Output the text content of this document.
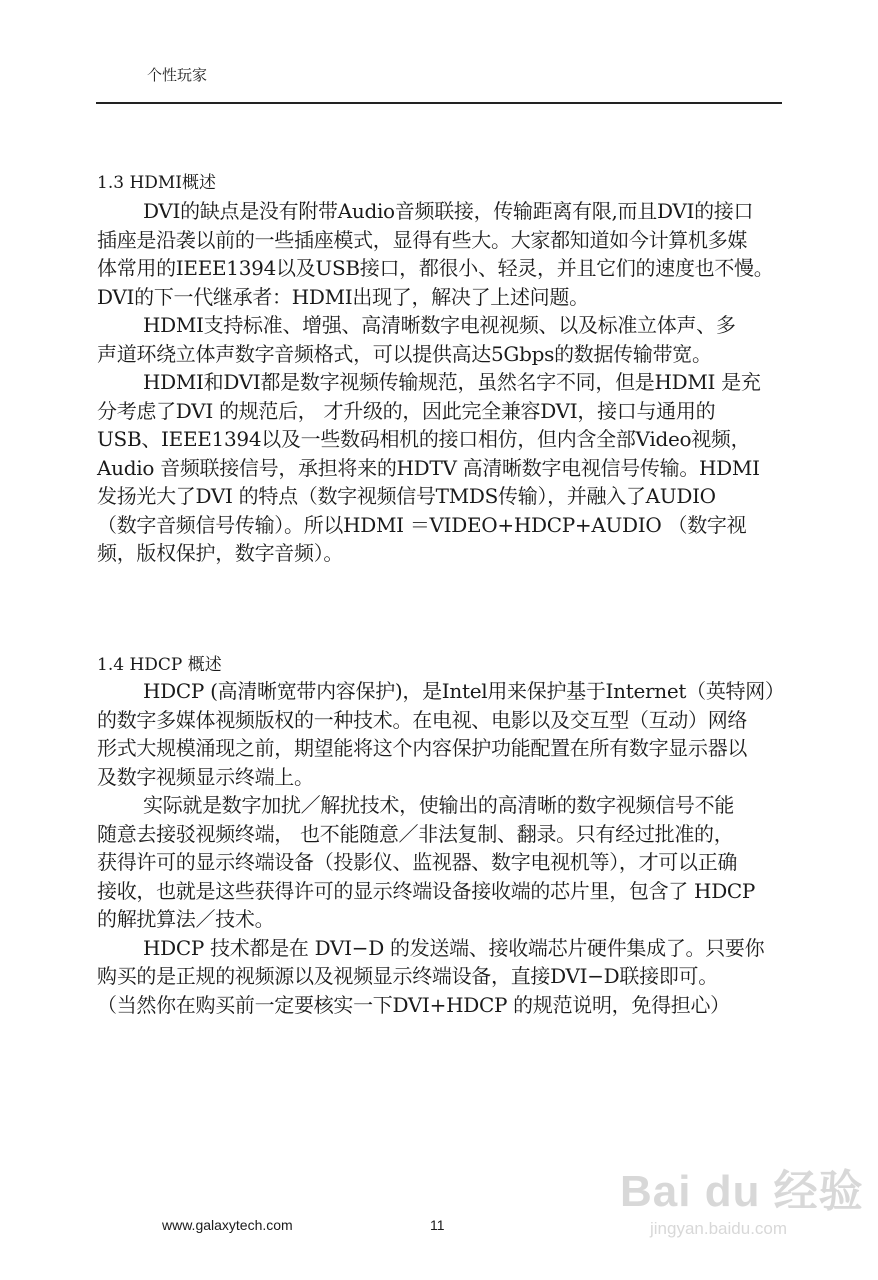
个性玩家
1.3 HDMI概述
DVI的缺点是没有附带Audio音频联接，传输距离有限,而且DVI的接口
插座是沿袭以前的一些插座模式，显得有些大。大家都知道如今计算机多媒
体常用的IEEE1394以及USB接口，都很小、轻灵，并且它们的速度也不慢。
DVI的下一代继承者：HDMI出现了，解决了上述问题。
HDMI支持标准、增强、高清晰数字电视视频、以及标准立体声、多
声道环绕立体声数字音频格式，可以提供高达5Gbps的数据传输带宽。
HDMI和DVI都是数字视频传输规范，虽然名字不同，但是HDMI 是充
分考虑了DVI 的规范后， 才升级的，因此完全兼容DVI，接口与通用的
USB、IEEE1394以及一些数码相机的接口相仿，但内含全部Video视频，
Audio 音频联接信号，承担将来的HDTV 高清晰数字电视信号传输。HDMI
发扬光大了DVI 的特点（数字视频信号TMDS传输），并融入了AUDIO
（数字音频信号传输）。所以HDMI ＝VIDEO+HDCP+AUDIO （数字视
频，版权保护，数字音频）。
1.4 HDCP 概述
HDCP (高清晰宽带内容保护)，是Intel用来保护基于Internet（英特网）
的数字多媒体视频版权的一种技术。在电视、电影以及交互型（互动）网络
形式大规模涌现之前，期望能将这个内容保护功能配置在所有数字显示器以
及数字视频显示终端上。
实际就是数字加扰／解扰技术，使输出的高清晰的数字视频信号不能
随意去接驳视频终端， 也不能随意／非法复制、翻录。只有经过批准的，
获得许可的显示终端设备（投影仪、监视器、数字电视机等），才可以正确
接收，也就是这些获得许可的显示终端设备接收端的芯片里，包含了 HDCP
的解扰算法／技术。
HDCP 技术都是在 DVI−D 的发送端、接收端芯片硬件集成了。只要你
购买的是正规的视频源以及视频显示终端设备，直接DVI−D联接即可。
（当然你在购买前一定要核实一下DVI+HDCP 的规范说明，免得担心）
Bai du 经验
jingyan.baidu.com
www.galaxytech.com	11
